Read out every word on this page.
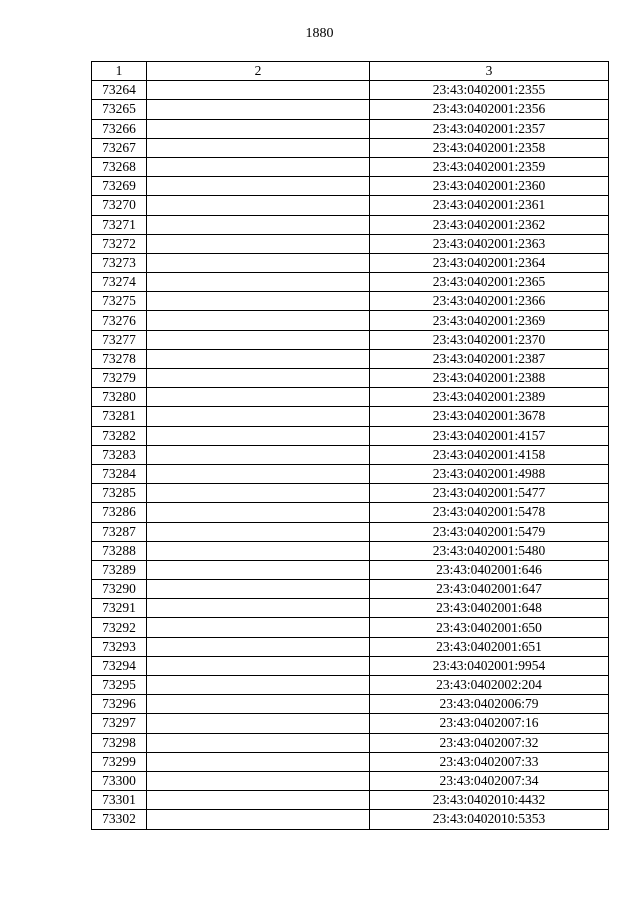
1880
1	2	3
73264		23:43:0402001:2355
73265		23:43:0402001:2356
73266		23:43:0402001:2357
73267		23:43:0402001:2358
73268		23:43:0402001:2359
73269		23:43:0402001:2360
73270		23:43:0402001:2361
73271		23:43:0402001:2362
73272		23:43:0402001:2363
73273		23:43:0402001:2364
73274		23:43:0402001:2365
73275		23:43:0402001:2366
73276		23:43:0402001:2369
73277		23:43:0402001:2370
73278		23:43:0402001:2387
73279		23:43:0402001:2388
73280		23:43:0402001:2389
73281		23:43:0402001:3678
73282		23:43:0402001:4157
73283		23:43:0402001:4158
73284		23:43:0402001:4988
73285		23:43:0402001:5477
73286		23:43:0402001:5478
73287		23:43:0402001:5479
73288		23:43:0402001:5480
73289		23:43:0402001:646
73290		23:43:0402001:647
73291		23:43:0402001:648
73292		23:43:0402001:650
73293		23:43:0402001:651
73294		23:43:0402001:9954
73295		23:43:0402002:204
73296		23:43:0402006:79
73297		23:43:0402007:16
73298		23:43:0402007:32
73299		23:43:0402007:33
73300		23:43:0402007:34
73301		23:43:0402010:4432
73302		23:43:0402010:5353
